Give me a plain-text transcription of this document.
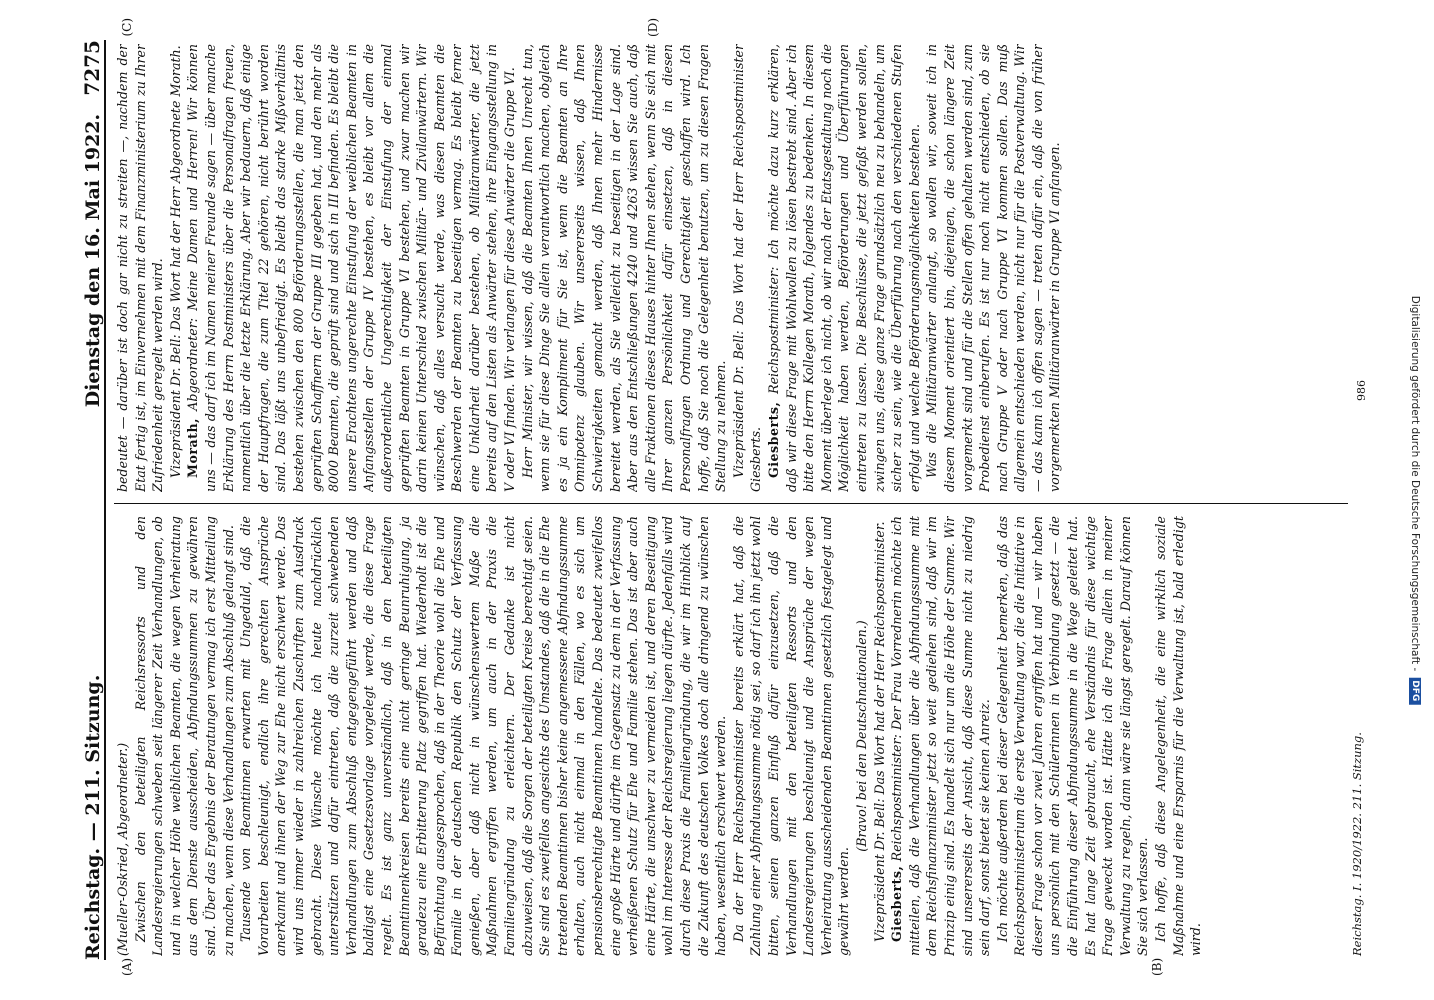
Reichstag. — 211. Sitzung.
Dienstag den 16. Mai 1922.
7275
(A)	(B)
(C)	(D)

(Mueller-Oskried, Abgeordneter.) Zwischen den beteiligten Reichsressorts und den Landesregierungen schweben seit längerer Zeit Verhandlungen, ob und in welcher Höhe weiblichen Beamten, die wegen Verheiratung aus dem Dienste ausscheiden, Abfindungssummen zu gewähren sind. Über das Ergebnis der Beratungen vermag ich erst Mitteilung zu machen, wenn diese Verhandlungen zum Abschluß gelangt sind. Tausende von Beamtinnen erwarten mit Ungeduld, daß die Vorarbeiten beschleunigt, endlich ihre gerechten Ansprüche anerkannt und ihnen der Weg zur Ehe nicht erschwert werde. Das wird uns immer wieder in zahlreichen Zuschriften zum Ausdruck gebracht. Diese Wünsche möchte ich heute nachdrücklich unterstützen und dafür eintreten, daß die zurzeit schwebenden Verhandlungen zum Abschluß entgegengeführt werden und daß baldigst eine Gesetzesvorlage vorgelegt werde, die diese Frage regelt. Es ist ganz unverständlich, daß in den beteiligten Beamtinnenkreisen bereits eine nicht geringe Beunruhigung, ja geradezu eine Erbitterung Platz gegriffen hat. Wiederholt ist die Befürchtung ausgesprochen, daß in der Theorie wohl die Ehe und Familie in der deutschen Republik den Schutz der Verfassung genießen, aber daß nicht in wünschenswertem Maße die Maßnahmen ergriffen werden, um auch in der Praxis die Familiengründung zu erleichtern. Der Gedanke ist nicht abzuweisen, daß die Sorgen der beteiligten Kreise berechtigt seien. Sie sind es zweifellos angesichts des Umstandes, daß die in die Ehe tretenden Beamtinnen bisher keine angemessene Abfindungssumme erhalten, auch nicht einmal in den Fällen, wo es sich um pensionsberechtigte Beamtinnen handelte. Das bedeutet zweifellos eine große Härte und dürfte im Gegensatz zu dem in der Verfassung verheißenen Schutz für Ehe und Familie stehen. Das ist aber auch eine Härte, die unschwer zu vermeiden ist, und deren Beseitigung wohl im Interesse der Reichsregierung liegen dürfte. Jedenfalls wird durch diese Praxis die Familiengründung, die wir im Hinblick auf die Zukunft des deutschen Volkes doch alle dringend zu wünschen haben, wesentlich erschwert werden. Da der Herr Reichspostminister bereits erklärt hat, daß die Zahlung einer Abfindungssumme nötig sei, so darf ich ihn jetzt wohl bitten, seinen ganzen Einfluß dafür einzusetzen, daß die Verhandlungen mit den beteiligten Ressorts und den Landesregierungen beschleunigt und die Ansprüche der wegen Verheiratung ausscheidenden Beamtinnen gesetzlich festgelegt und gewährt werden.

(Bravo! bei den Deutschnationalen.) Vizepräsident Dr. Bell: Das Wort hat der Herr Reichspostminister. Giesberts, Reichspostminister: Der Frau Vorrednerin möchte ich mitteilen, daß die Verhandlungen über die Abfindungssumme mit dem Reichsfinanzminister jetzt so weit gediehen sind, daß wir im Prinzip einig sind. Es handelt sich nur um die Höhe der Summe. Wir sind unsererseits der Ansicht, daß diese Summe nicht zu niedrig sein darf, sonst bietet sie keinen Anreiz. Ich möchte außerdem bei dieser Gelegenheit bemerken, daß das Reichspostministerium die erste Verwaltung war, die die Initiative in dieser Frage schon vor zwei Jahren ergriffen hat und — wir haben uns persönlich mit den Schülerinnen in Verbindung gesetzt — die die Einführung dieser Abfindungssumme in die Wege geleitet hat. Es hat lange Zeit gebraucht, ehe Verständnis für diese wichtige Frage geweckt worden ist. Hätte ich die Frage allein in meiner Verwaltung zu regeln, dann wäre sie längst geregelt. Darauf können Sie sich verlassen. Ich hoffe, daß diese Angelegenheit, die eine wirklich soziale Maßnahme und eine Ersparnis für die Verwaltung ist, bald erledigt wird.	Reichstag. I. 1920/1922. 211. Sitzung.

bedeutet — darüber ist doch gar nicht zu streiten —, nachdem der Etat fertig ist, im Einvernehmen mit dem Finanzministerium zu Ihrer Zufriedenheit geregelt werden wird. Vizepräsident Dr. Bell: Das Wort hat der Herr Abgeordnete Morath. Morath, Abgeordneter: Meine Damen und Herren! Wir können uns — das darf ich im Namen meiner Freunde sagen — über manche Erklärung des Herrn Postministers über die Personalfragen freuen, namentlich über die letzte Erklärung. Aber wir bedauern, daß einige der Hauptfragen, die zum Titel 22 gehören, nicht berührt worden sind. Das läßt uns unbefriedigt. Es bleibt das starke Mißverhältnis bestehen zwischen den 800 Beförderungsstellen, die man jetzt den geprüften Schaffnern der Gruppe III gegeben hat, und den mehr als 8000 Beamten, die geprüft sind und sich in III befinden. Es bleibt die unsere Erachtens ungerechte Einstufung der weiblichen Beamten in Anfangsstellen der Gruppe IV bestehen, es bleibt vor allem die außerordentliche Ungerechtigkeit der Einstufung der einmal geprüften Beamten in Gruppe VI bestehen, und zwar machen wir darin keinen Unterschied zwischen Militär- und Zivilanwärtern. Wir wünschen, daß alles versucht werde, was diesen Beamten die Beschwerden der Beamten zu beseitigen vermag. Es bleibt ferner eine Unklarheit darüber bestehen, ob Militäranwärter, die jetzt bereits auf den Listen als Anwärter stehen, ihre Eingangsstellung in V oder VI finden. Wir verlangen für diese Anwärter die Gruppe VI. Herr Minister, wir wissen, daß die Beamten Ihnen Unrecht tun, wenn sie für diese Dinge Sie allein verantwortlich machen, obgleich es ja ein Kompliment für Sie ist, wenn die Beamten an Ihre Omnipotenz glauben. Wir unsererseits wissen, daß Ihnen Schwierigkeiten gemacht werden, daß Ihnen mehr Hindernisse bereitet werden, als Sie vielleicht zu beseitigen in der Lage sind. Aber aus den Entschließungen 4240 und 4263 wissen Sie auch, daß alle Fraktionen dieses Hauses hinter Ihnen stehen, wenn Sie sich mit Ihrer ganzen Persönlichkeit dafür einsetzen, daß in diesen Personalfragen Ordnung und Gerechtigkeit geschaffen wird. Ich hoffe, daß Sie noch die Gelegenheit benutzen, um zu diesen Fragen Stellung zu nehmen. Vizepräsident Dr. Bell: Das Wort hat der Herr Reichspostminister Giesberts. Giesberts, Reichspostminister: Ich möchte dazu kurz erklären, daß wir diese Frage mit Wohlwollen zu lösen bestrebt sind. Aber ich bitte den Herrn Kollegen Morath, folgendes zu bedenken. In diesem Moment überlege ich nicht, ob wir nach der Etatsgestaltung noch die Möglichkeit haben werden, Beförderungen und Überführungen eintreten zu lassen. Die Beschlüsse, die jetzt gefaßt werden sollen, zwingen uns, diese ganze Frage grundsätzlich neu zu behandeln, um sicher zu sein, wie die Überführung nach den verschiedenen Stufen erfolgt und welche Beförderungsmöglichkeiten bestehen. Was die Militäranwärter anlangt, so wollen wir, soweit ich in diesem Moment orientiert bin, diejenigen, die schon längere Zeit vorgemerkt sind und für die Stellen offen gehalten werden sind, zum Probedienst einberufen. Es ist nur noch nicht entschieden, ob sie nach Gruppe V oder nach Gruppe VI kommen sollen. Das muß allgemein entschieden werden, nicht nur für die Postverwaltung. Wir — das kann ich offen sagen — treten dafür ein, daß die von früher vorgemerkten Militäranwärter in Gruppe VI anfangen.	986	Digitalisierung gefördert durch die Deutsche Forschungsgemeinschaft -
DFG
